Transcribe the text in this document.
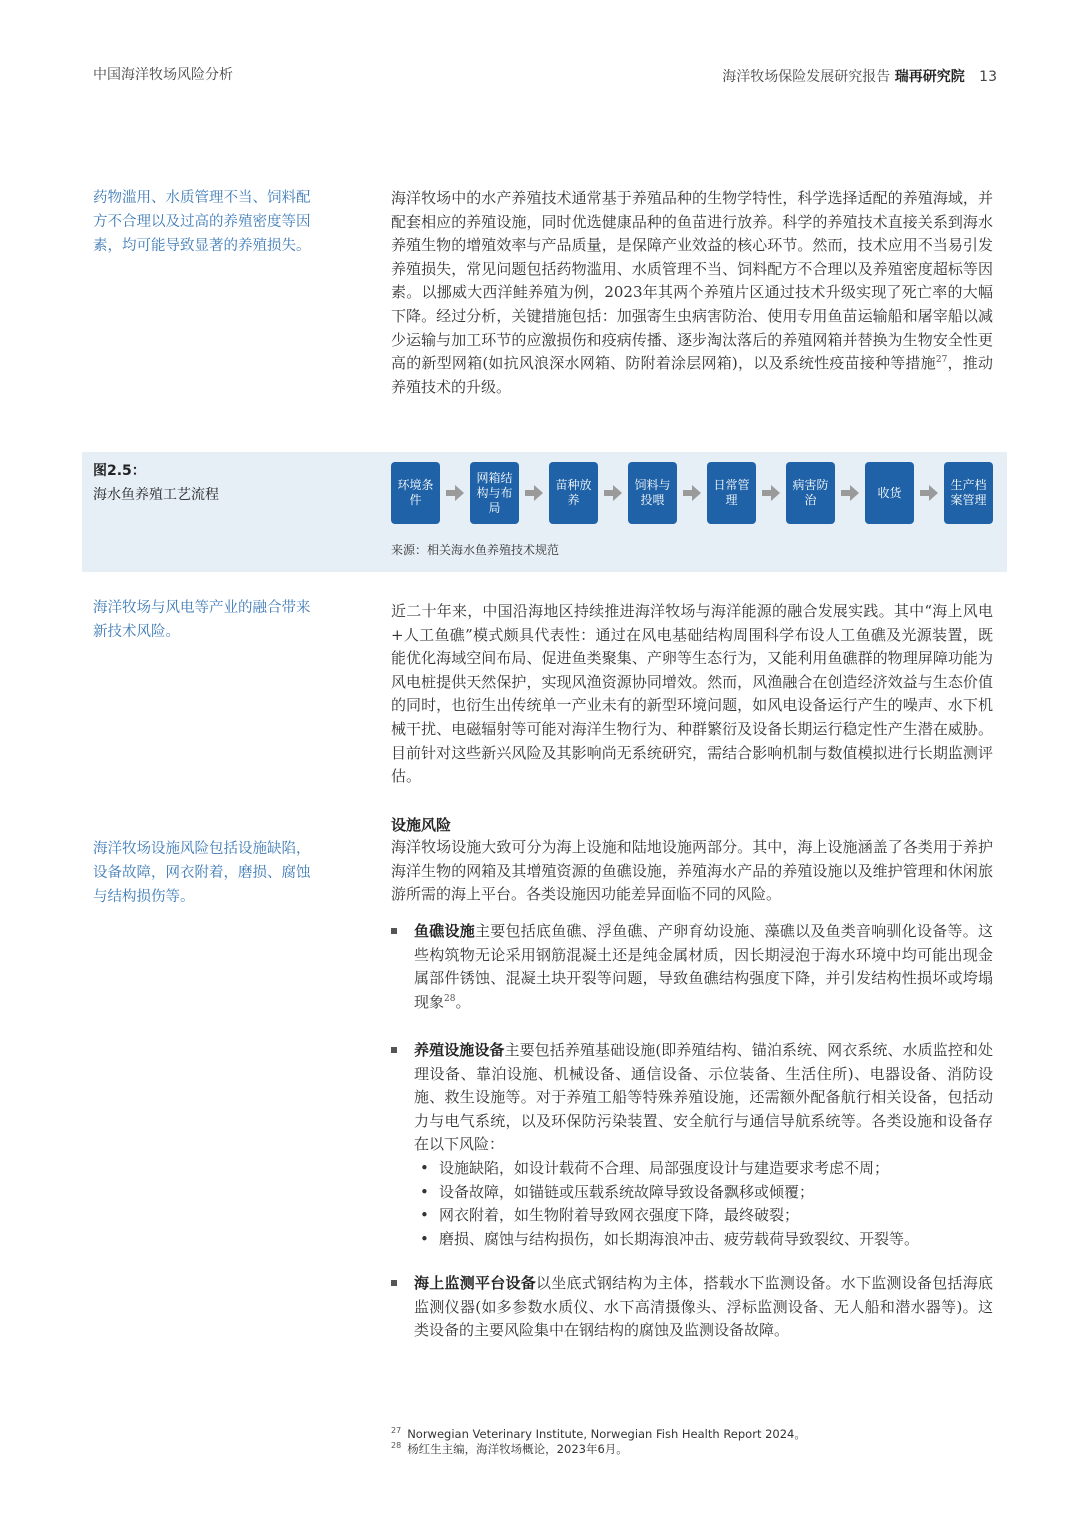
中国海洋牧场风险分析	海洋牧场保险发展研究报告 瑞再研究院 13
药物滥用、水质管理不当、饲料配方不合理以及过高的养殖密度等因素，均可能导致显著的养殖损失。
海洋牧场与风电等产业的融合带来新技术风险。
海洋牧场设施风险包括设施缺陷，设备故障，网衣附着，磨损、腐蚀与结构损伤等。
海洋牧场中的水产养殖技术通常基于养殖品种的生物学特性，科学选择适配的养殖海域，并配套相应的养殖设施，同时优选健康品种的鱼苗进行放养。科学的养殖技术直接关系到海水养殖生物的增殖效率与产品质量，是保障产业效益的核心环节。然而，技术应用不当易引发养殖损失，常见问题包括药物滥用、水质管理不当、饲料配方不合理以及养殖密度超标等因素。以挪威大西洋鲑养殖为例，2023年其两个养殖片区通过技术升级实现了死亡率的大幅下降。经过分析，关键措施包括：加强寄生虫病害防治、使用专用鱼苗运输船和屠宰船以减少运输与加工环节的应激损伤和疫病传播、逐步淘汰落后的养殖网箱并替换为生物安全性更高的新型网箱(如抗风浪深水网箱、防附着涂层网箱)，以及系统性疫苗接种等措施$^{27}$，推动养殖技术的升级。
图2.5：
海水鱼养殖工艺流程
环境条件
网箱结构与布局
苗种放养
饲料与投喂
日常管理
病害防治
收货
生产档案管理
来源：相关海水鱼养殖技术规范
近二十年来，中国沿海地区持续推进海洋牧场与海洋能源的融合发展实践。其中“海上风电+人工鱼礁”模式颇具代表性：通过在风电基础结构周围科学布设人工鱼礁及光源装置，既能优化海域空间布局、促进鱼类聚集、产卵等生态行为，又能利用鱼礁群的物理屏障功能为风电桩提供天然保护，实现风渔资源协同增效。然而，风渔融合在创造经济效益与生态价值的同时，也衍生出传统单一产业未有的新型环境问题，如风电设备运行产生的噪声、水下机械干扰、电磁辐射等可能对海洋生物行为、种群繁衍及设备长期运行稳定性产生潜在威胁。目前针对这些新兴风险及其影响尚无系统研究，需结合影响机制与数值模拟进行长期监测评估。
设施风险
海洋牧场设施大致可分为海上设施和陆地设施两部分。其中，海上设施涵盖了各类用于养护海洋生物的网箱及其增殖资源的鱼礁设施，养殖海水产品的养殖设施以及维护管理和休闲旅游所需的海上平台。各类设施因功能差异面临不同的风险。
鱼礁设施主要包括底鱼礁、浮鱼礁、产卵育幼设施、藻礁以及鱼类音响驯化设备等。这些构筑物无论采用钢筋混凝土还是纯金属材质，因长期浸泡于海水环境中均可能出现金属部件锈蚀、混凝土块开裂等问题，导致鱼礁结构强度下降，并引发结构性损坏或垮塌现象$^{28}$。
养殖设施设备主要包括养殖基础设施(即养殖结构、锚泊系统、网衣系统、水质监控和处理设备、靠泊设施、机械设备、通信设备、示位装备、生活住所)、电器设备、消防设施、救生设施等。对于养殖工船等特殊养殖设施，还需额外配备航行相关设备，包括动力与电气系统，以及环保防污染装置、安全航行与通信导航系统等。各类设施和设备存在以下风险：
• 设施缺陷，如设计载荷不合理、局部强度设计与建造要求考虑不周；
• 设备故障，如锚链或压载系统故障导致设备飘移或倾覆；
• 网衣附着，如生物附着导致网衣强度下降，最终破裂；
• 磨损、腐蚀与结构损伤，如长期海浪冲击、疲劳载荷导致裂纹、开裂等。
海上监测平台设备以坐底式钢结构为主体，搭载水下监测设备。水下监测设备包括海底监测仪器(如多参数水质仪、水下高清摄像头、浮标监测设备、无人船和潜水器等)。这类设备的主要风险集中在钢结构的腐蚀及监测设备故障。
$^{27}$ Norwegian Veterinary Institute, Norwegian Fish Health Report 2024。
$^{28}$ 杨红生主编，海洋牧场概论，2023年6月。
